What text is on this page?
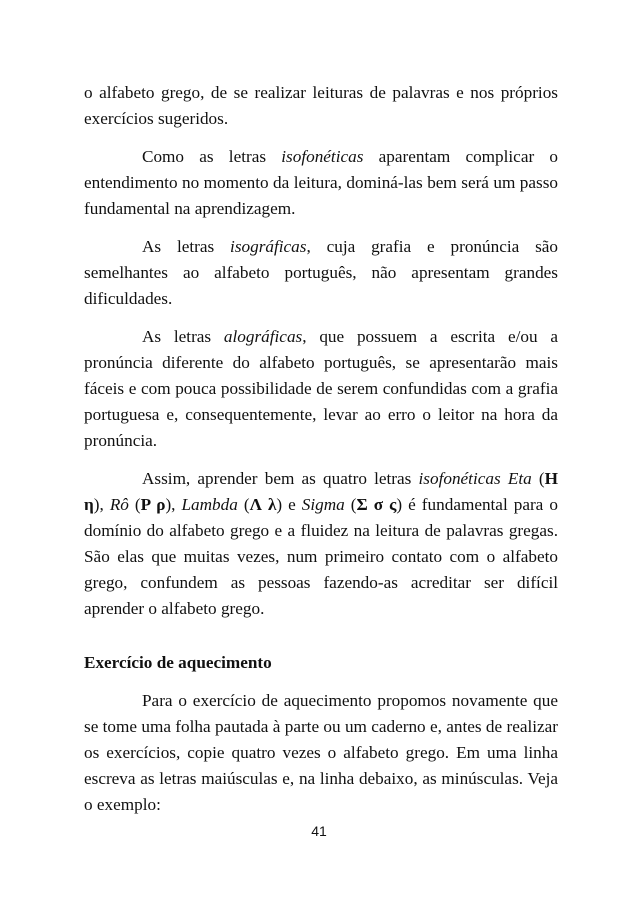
o alfabeto grego, de se realizar leituras de palavras e nos próprios exercícios sugeridos.

Como as letras isofonéticas aparentam complicar o entendimento no momento da leitura, dominá-las bem será um passo fundamental na aprendizagem.

As letras isográficas, cuja grafia e pronúncia são semelhantes ao alfabeto português, não apresentam grandes dificuldades.

As letras alográficas, que possuem a escrita e/ou a pronúncia diferente do alfabeto português, se apresentarão mais fáceis e com pouca possibilidade de serem confundidas com a grafia portuguesa e, consequentemente, levar ao erro o leitor na hora da pronúncia.

Assim, aprender bem as quatro letras isofonéticas Eta (Η η), Rô (Ρ ρ), Lambda (Λ λ) e Sigma (Σ σ ς) é fundamental para o domínio do alfabeto grego e a fluidez na leitura de palavras gregas. São elas que muitas vezes, num primeiro contato com o alfabeto grego, confundem as pessoas fazendo-as acreditar ser difícil aprender o alfabeto grego.

Exercício de aquecimento

Para o exercício de aquecimento propomos novamente que se tome uma folha pautada à parte ou um caderno e, antes de realizar os exercícios, copie quatro vezes o alfabeto grego. Em uma linha escreva as letras maiúsculas e, na linha debaixo, as minúsculas. Veja o exemplo:

41
